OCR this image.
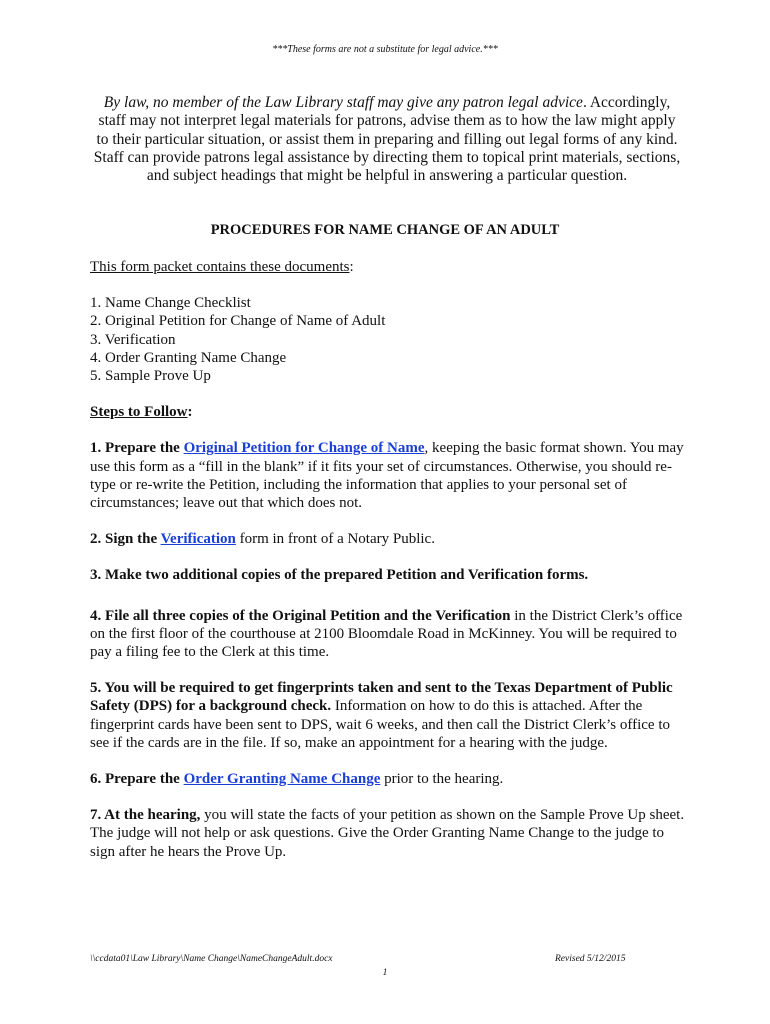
***These forms are not a substitute for legal advice.***
By law, no member of the Law Library staff may give any patron legal advice. Accordingly, staff may not interpret legal materials for patrons, advise them as to how the law might apply to their particular situation, or assist them in preparing and filling out legal forms of any kind. Staff can provide patrons legal assistance by directing them to topical print materials, sections, and subject headings that might be helpful in answering a particular question.
PROCEDURES FOR NAME CHANGE OF AN ADULT

This form packet contains these documents:

1. Name Change Checklist
2. Original Petition for Change of Name of Adult
3. Verification
4. Order Granting Name Change
5. Sample Prove Up

Steps to Follow:

1. Prepare the Original Petition for Change of Name, keeping the basic format shown. You may use this form as a “fill in the blank” if it fits your set of circumstances. Otherwise, you should re-type or re-write the Petition, including the information that applies to your personal set of circumstances; leave out that which does not.

2. Sign the Verification form in front of a Notary Public.

3. Make two additional copies of the prepared Petition and Verification forms.

4. File all three copies of the Original Petition and the Verification in the District Clerk’s office on the first floor of the courthouse at 2100 Bloomdale Road in McKinney. You will be required to pay a filing fee to the Clerk at this time.

5. You will be required to get fingerprints taken and sent to the Texas Department of Public Safety (DPS) for a background check. Information on how to do this is attached. After the fingerprint cards have been sent to DPS, wait 6 weeks, and then call the District Clerk’s office to see if the cards are in the file. If so, make an appointment for a hearing with the judge.

6. Prepare the Order Granting Name Change prior to the hearing.

7. At the hearing, you will state the facts of your petition as shown on the Sample Prove Up sheet. The judge will not help or ask questions. Give the Order Granting Name Change to the judge to sign after he hears the Prove Up.

\\ccdata01\Law Library\Name Change\NameChangeAdult.docx	Revised 5/12/2015
1
